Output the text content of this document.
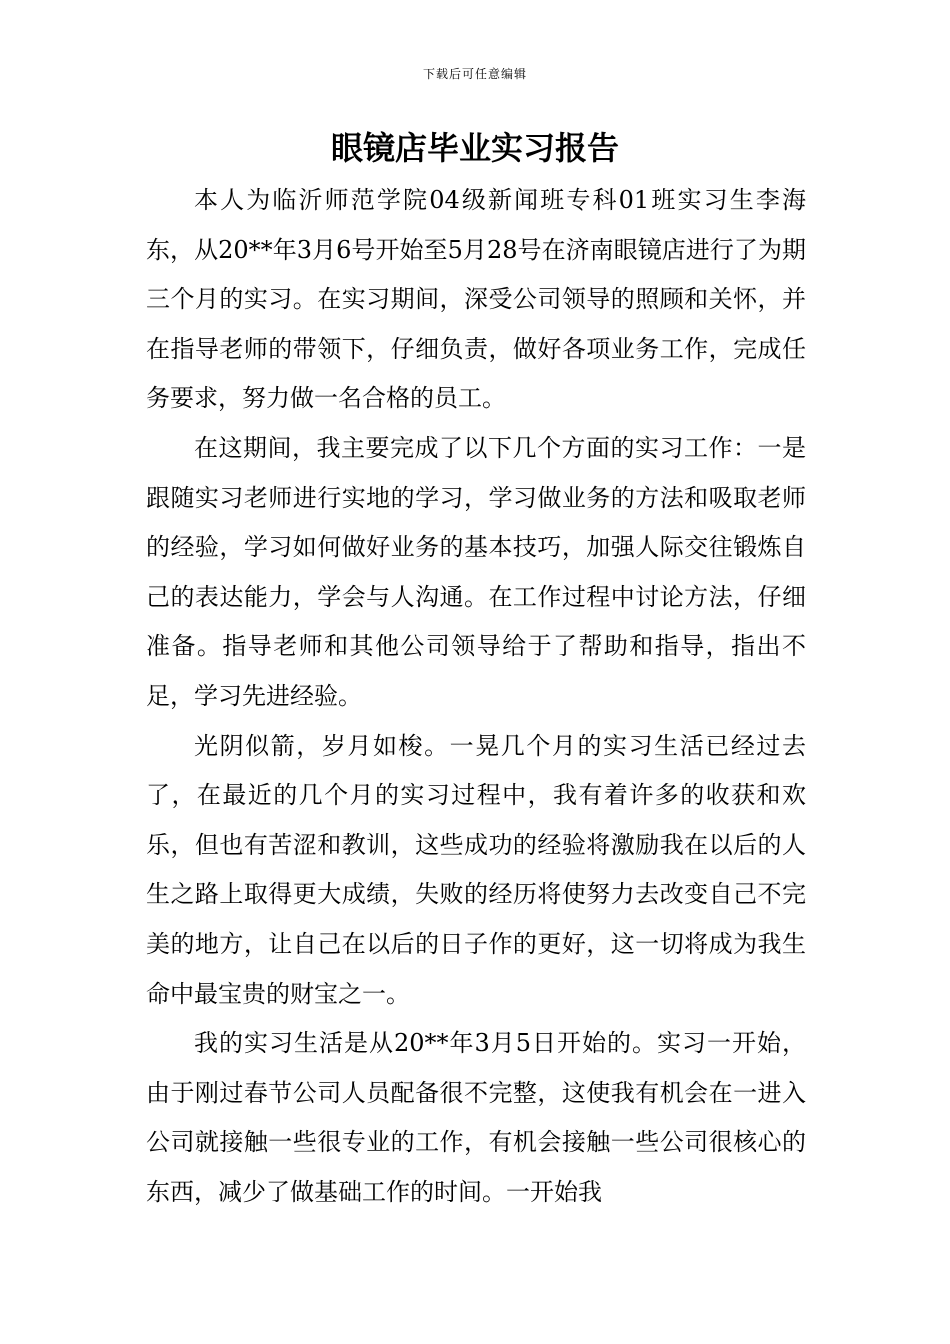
下载后可任意编辑
眼镜店毕业实习报告

本人为临沂师范学院04级新闻班专科01班实习生李海东，从20**年3月6号开始至5月28号在济南眼镜店进行了为期三个月的实习。在实习期间，深受公司领导的照顾和关怀，并在指导老师的带领下，仔细负责，做好各项业务工作，完成任务要求，努力做一名合格的员工。

在这期间，我主要完成了以下几个方面的实习工作：一是跟随实习老师进行实地的学习，学习做业务的方法和吸取老师的经验，学习如何做好业务的基本技巧，加强人际交往锻炼自己的表达能力，学会与人沟通。在工作过程中讨论方法，仔细准备。指导老师和其他公司领导给于了帮助和指导，指出不足，学习先进经验。

光阴似箭，岁月如梭。一晃几个月的实习生活已经过去了，在最近的几个月的实习过程中，我有着许多的收获和欢乐，但也有苦涩和教训，这些成功的经验将激励我在以后的人生之路上取得更大成绩，失败的经历将使努力去改变自己不完美的地方，让自己在以后的日子作的更好，这一切将成为我生命中最宝贵的财宝之一。

我的实习生活是从20**年3月5日开始的。实习一开始，由于刚过春节公司人员配备很不完整，这使我有机会在一进入公司就接触一些很专业的工作，有机会接触一些公司很核心的东西，减少了做基础工作的时间。一开始我
